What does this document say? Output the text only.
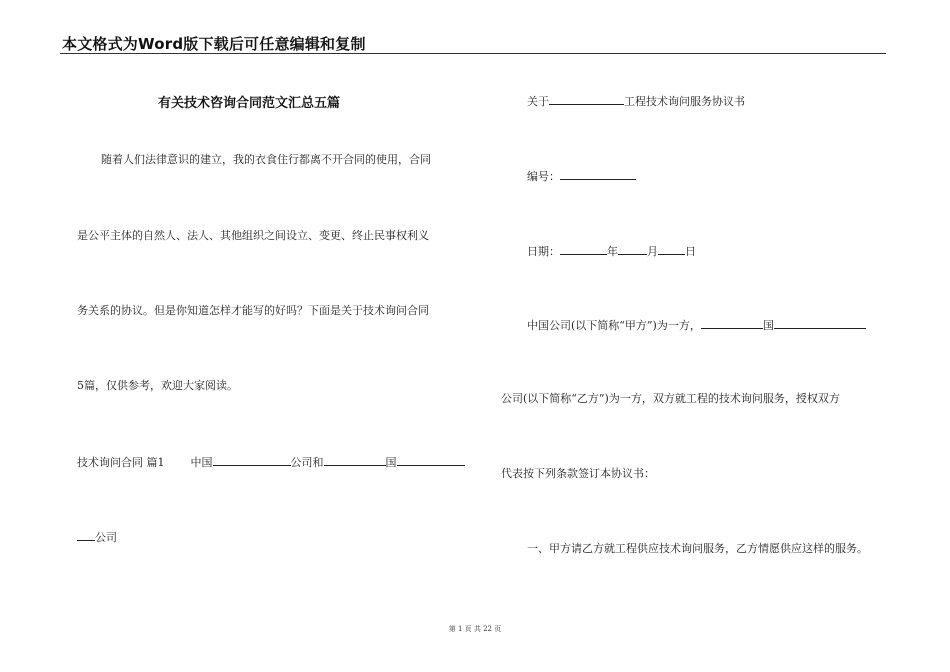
本文格式为Word版下载后可任意编辑和复制
有关技术咨询合同范文汇总五篇
随着人们法律意识的建立，我的衣食住行都离不开合同的使用，合同
是公平主体的自然人、法人、其他组织之间设立、变更、终止民事权利义
务关系的协议。但是你知道怎样才能写的好吗？下面是关于技术询问合同
5篇，仅供参考，欢迎大家阅读。
技术询问合同 篇1 中国	公司和	国
公司
关于	工程技术询问服务协议书
编号：
日期：	年	月 日
中国公司(以下简称“甲方”)为一方，	国
公司(以下简称“乙方”)为一方，双方就工程的技术询问服务，授权双方
代表按下列条款签订本协议书：
一、甲方请乙方就工程供应技术询问服务，乙方情愿供应这样的服务。
第 1 页 共 22 页
